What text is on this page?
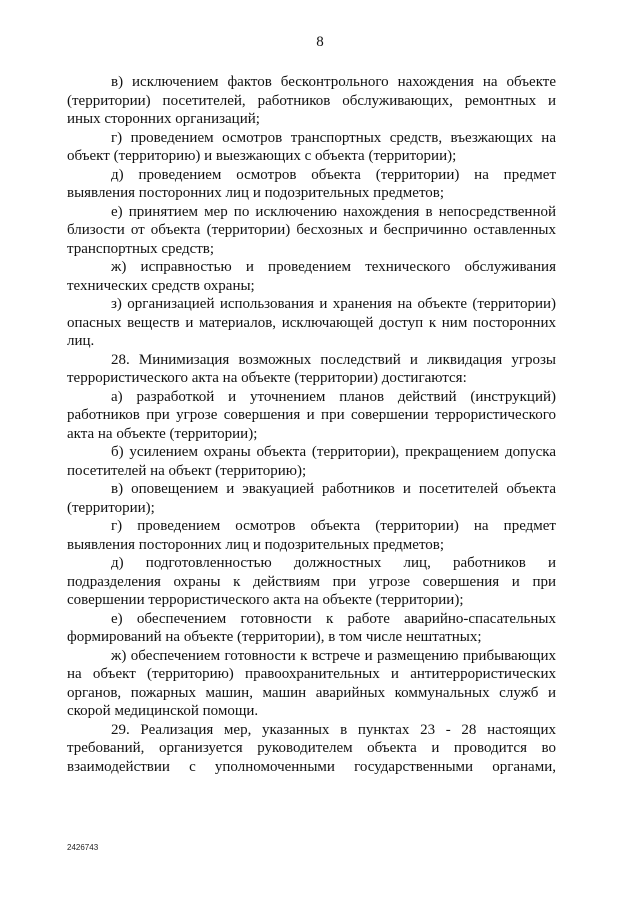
8
в) исключением фактов бесконтрольного нахождения на объекте
(территории) посетителей, работников обслуживающих, ремонтных и
иных сторонних организаций;
г) проведением осмотров транспортных средств, въезжающих на
объект (территорию) и выезжающих с объекта (территории);
д) проведением осмотров объекта (территории) на предмет
выявления посторонних лиц и подозрительных предметов;
е) принятием мер по исключению нахождения в непосредственной
близости от объекта (территории) бесхозных и беспричинно оставленных
транспортных средств;
ж) исправностью и проведением технического обслуживания
технических средств охраны;
з) организацией использования и хранения на объекте (территории)
опасных веществ и материалов, исключающей доступ к ним посторонних
лиц.
28. Минимизация возможных последствий и ликвидация угрозы
террористического акта на объекте (территории) достигаются:
а) разработкой и уточнением планов действий (инструкций)
работников при угрозе совершения и при совершении террористического
акта на объекте (территории);
б) усилением охраны объекта (территории), прекращением допуска
посетителей на объект (территорию);
в) оповещением и эвакуацией работников и посетителей объекта
(территории);
г) проведением осмотров объекта (территории) на предмет
выявления посторонних лиц и подозрительных предметов;
д) подготовленностью должностных лиц, работников и
подразделения охраны к действиям при угрозе совершения и при
совершении террористического акта на объекте (территории);
е) обеспечением готовности к работе аварийно-спасательных
формирований на объекте (территории), в том числе нештатных;
ж) обеспечением готовности к встрече и размещению прибывающих
на объект (территорию) правоохранительных и антитеррористических
органов, пожарных машин, машин аварийных коммунальных служб и
скорой медицинской помощи.
29. Реализация мер, указанных в пунктах 23 - 28 настоящих
требований, организуется руководителем объекта и проводится во
взаимодействии с уполномоченными государственными органами,
2426743
